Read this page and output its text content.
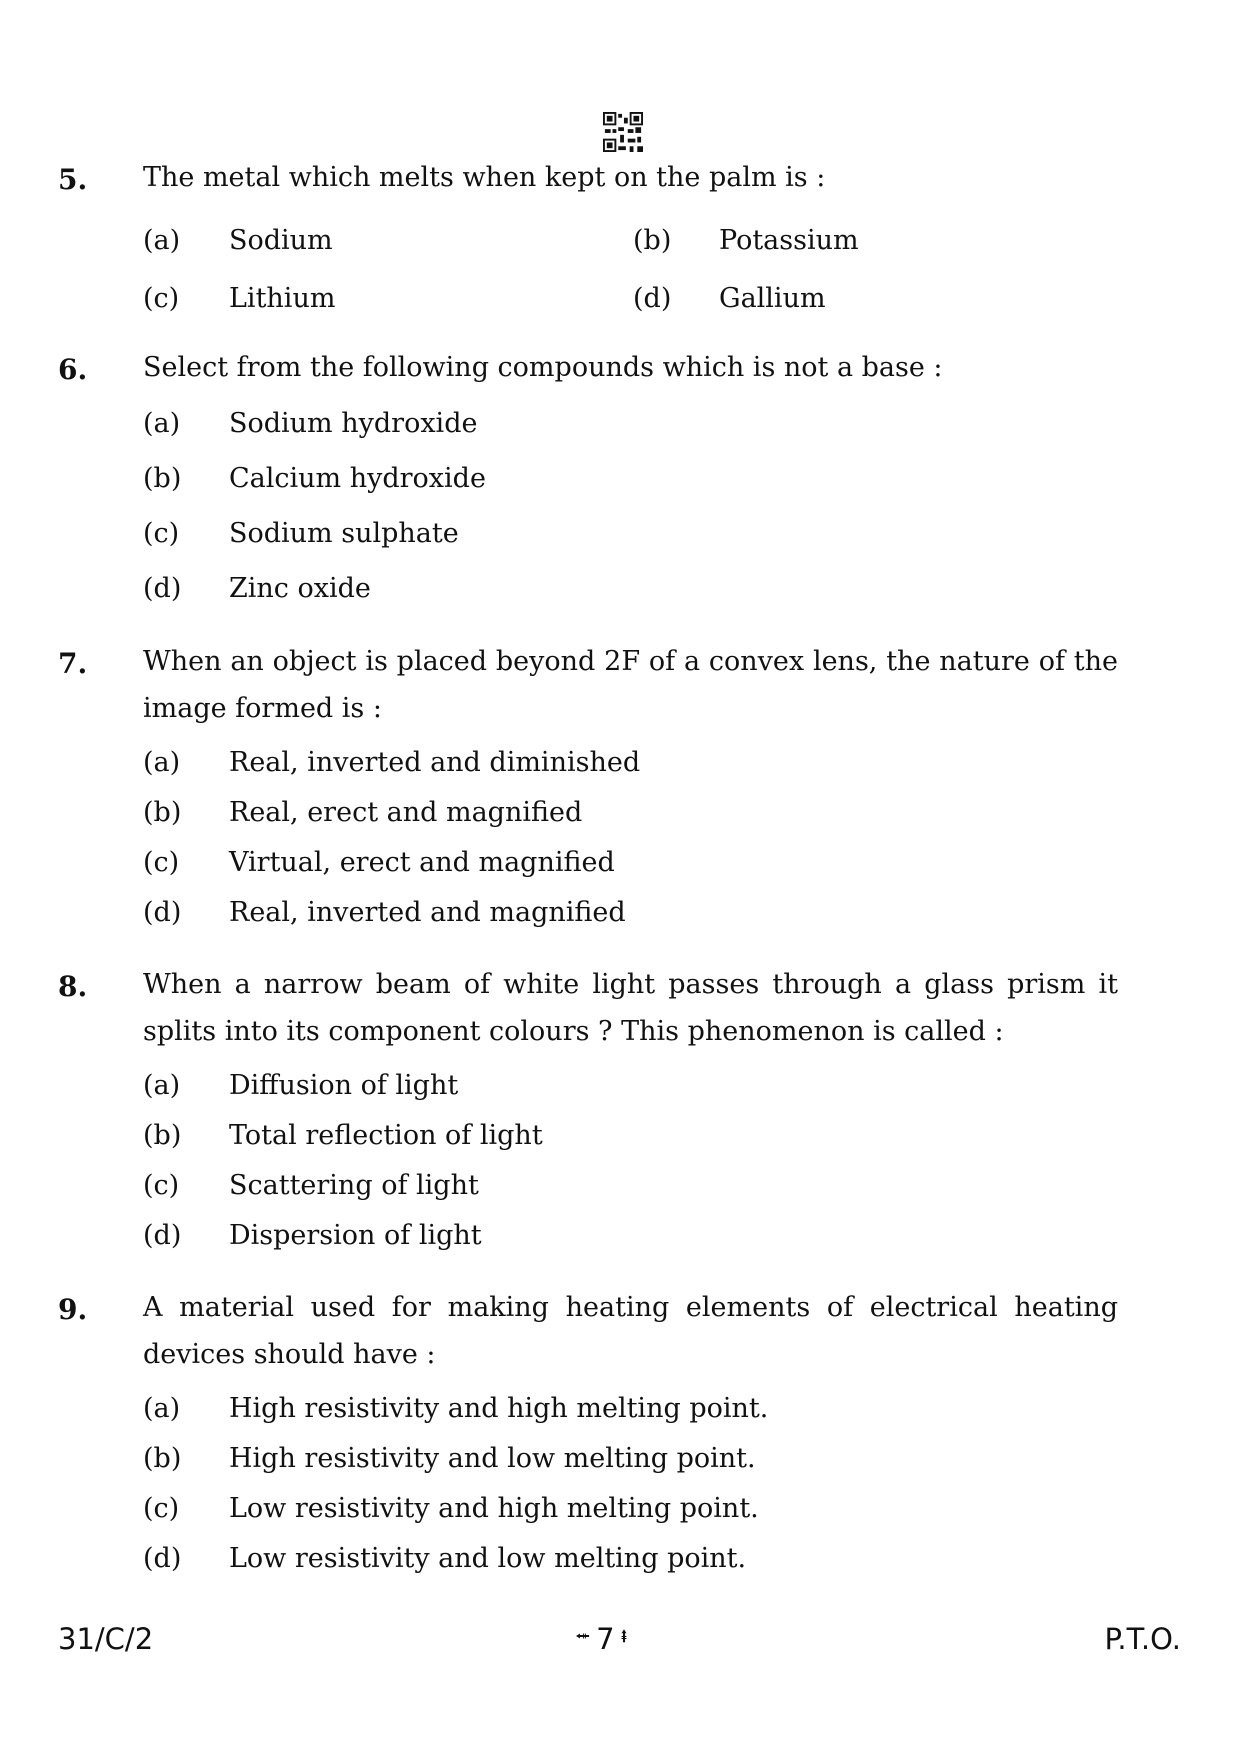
5. The metal which melts when kept on the palm is :
(a) Sodium	(b) Potassium
(c) Lithium	(d) Gallium
6. Select from the following compounds which is not a base :
(a) Sodium hydroxide
(b) Calcium hydroxide
(c) Sodium sulphate
(d) Zinc oxide
7. When an object is placed beyond 2F of a convex lens, the nature of the image formed is :
(a) Real, inverted and diminished
(b) Real, erect and magnified
(c) Virtual, erect and magnified
(d) Real, inverted and magnified
8. When a narrow beam of white light passes through a glass prism it splits into its component colours ? This phenomenon is called :
(a) Diffusion of light
(b) Total reflection of light
(c) Scattering of light
(d) Dispersion of light
9. A material used for making heating elements of electrical heating devices should have :
(a) High resistivity and high melting point.
(b) High resistivity and low melting point.
(c) Low resistivity and high melting point.
(d) Low resistivity and low melting point.
31/C/2	⭺ 7 ⭻	P.T.O.
